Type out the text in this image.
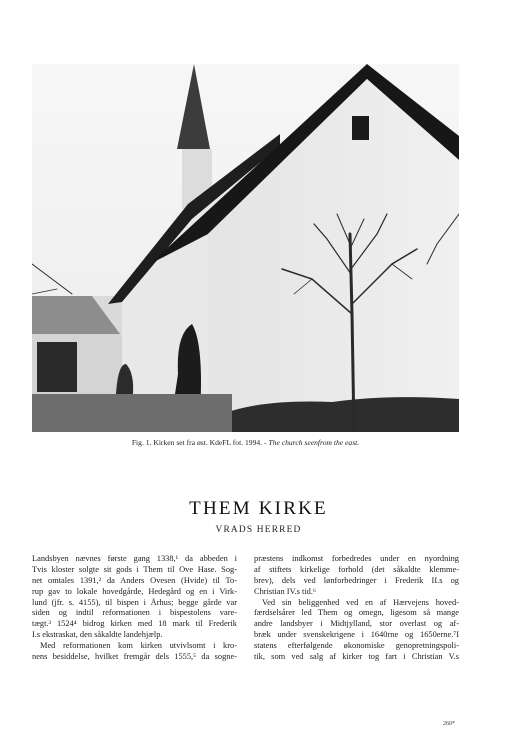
Fig. 1. Kirken set fra øst. KdeFL fot. 1994. - The church seenfrom the east.
THEM KIRKE
VRADS HERRED
Landsbyen nævnes første gang 1338,¹ da abbeden i
Tvis kloster solgte sit gods i Them til Ove Hase. Sog-
net omtales 1391,² da Anders Ovesen (Hvide) til To-
rup gav to lokale hovedgårde, Hedegård og en i Virk-
lund (jfr. s. 4155), til bispen i Århus; begge gårde var
siden og indtil reformationen i bispestolens vare-
tægt.³ 1524⁴ bidrog kirken med 18 mark til Frederik
I.s ekstraskat, den såkaldte landehjælp.
Med reformationen kom kirken utvivlsomt i kro-
nens besiddelse, hvilket fremgår dels 1555,⁵ da sogne-
præstens indkomst forbedredes under en nyordning
af stiftets kirkelige forhold (det såkaldte klemme-
brev), dels ved lønforbedringer i Frederik II.s og
Christian IV.s tid.⁶
Ved sin beliggenhed ved en af Hærvejens hoved-
færdselsårer led Them og omegn, ligesom så mange
andre landsbyer i Midtjylland, stor overlast og af-
bræk under svenskekrigene i 1640rne og 1650erne.⁷I
statens efterfølgende økonomiske genopretningspoli-
tik, som ved salg af kirker tog fart i Christian V.s
260*
